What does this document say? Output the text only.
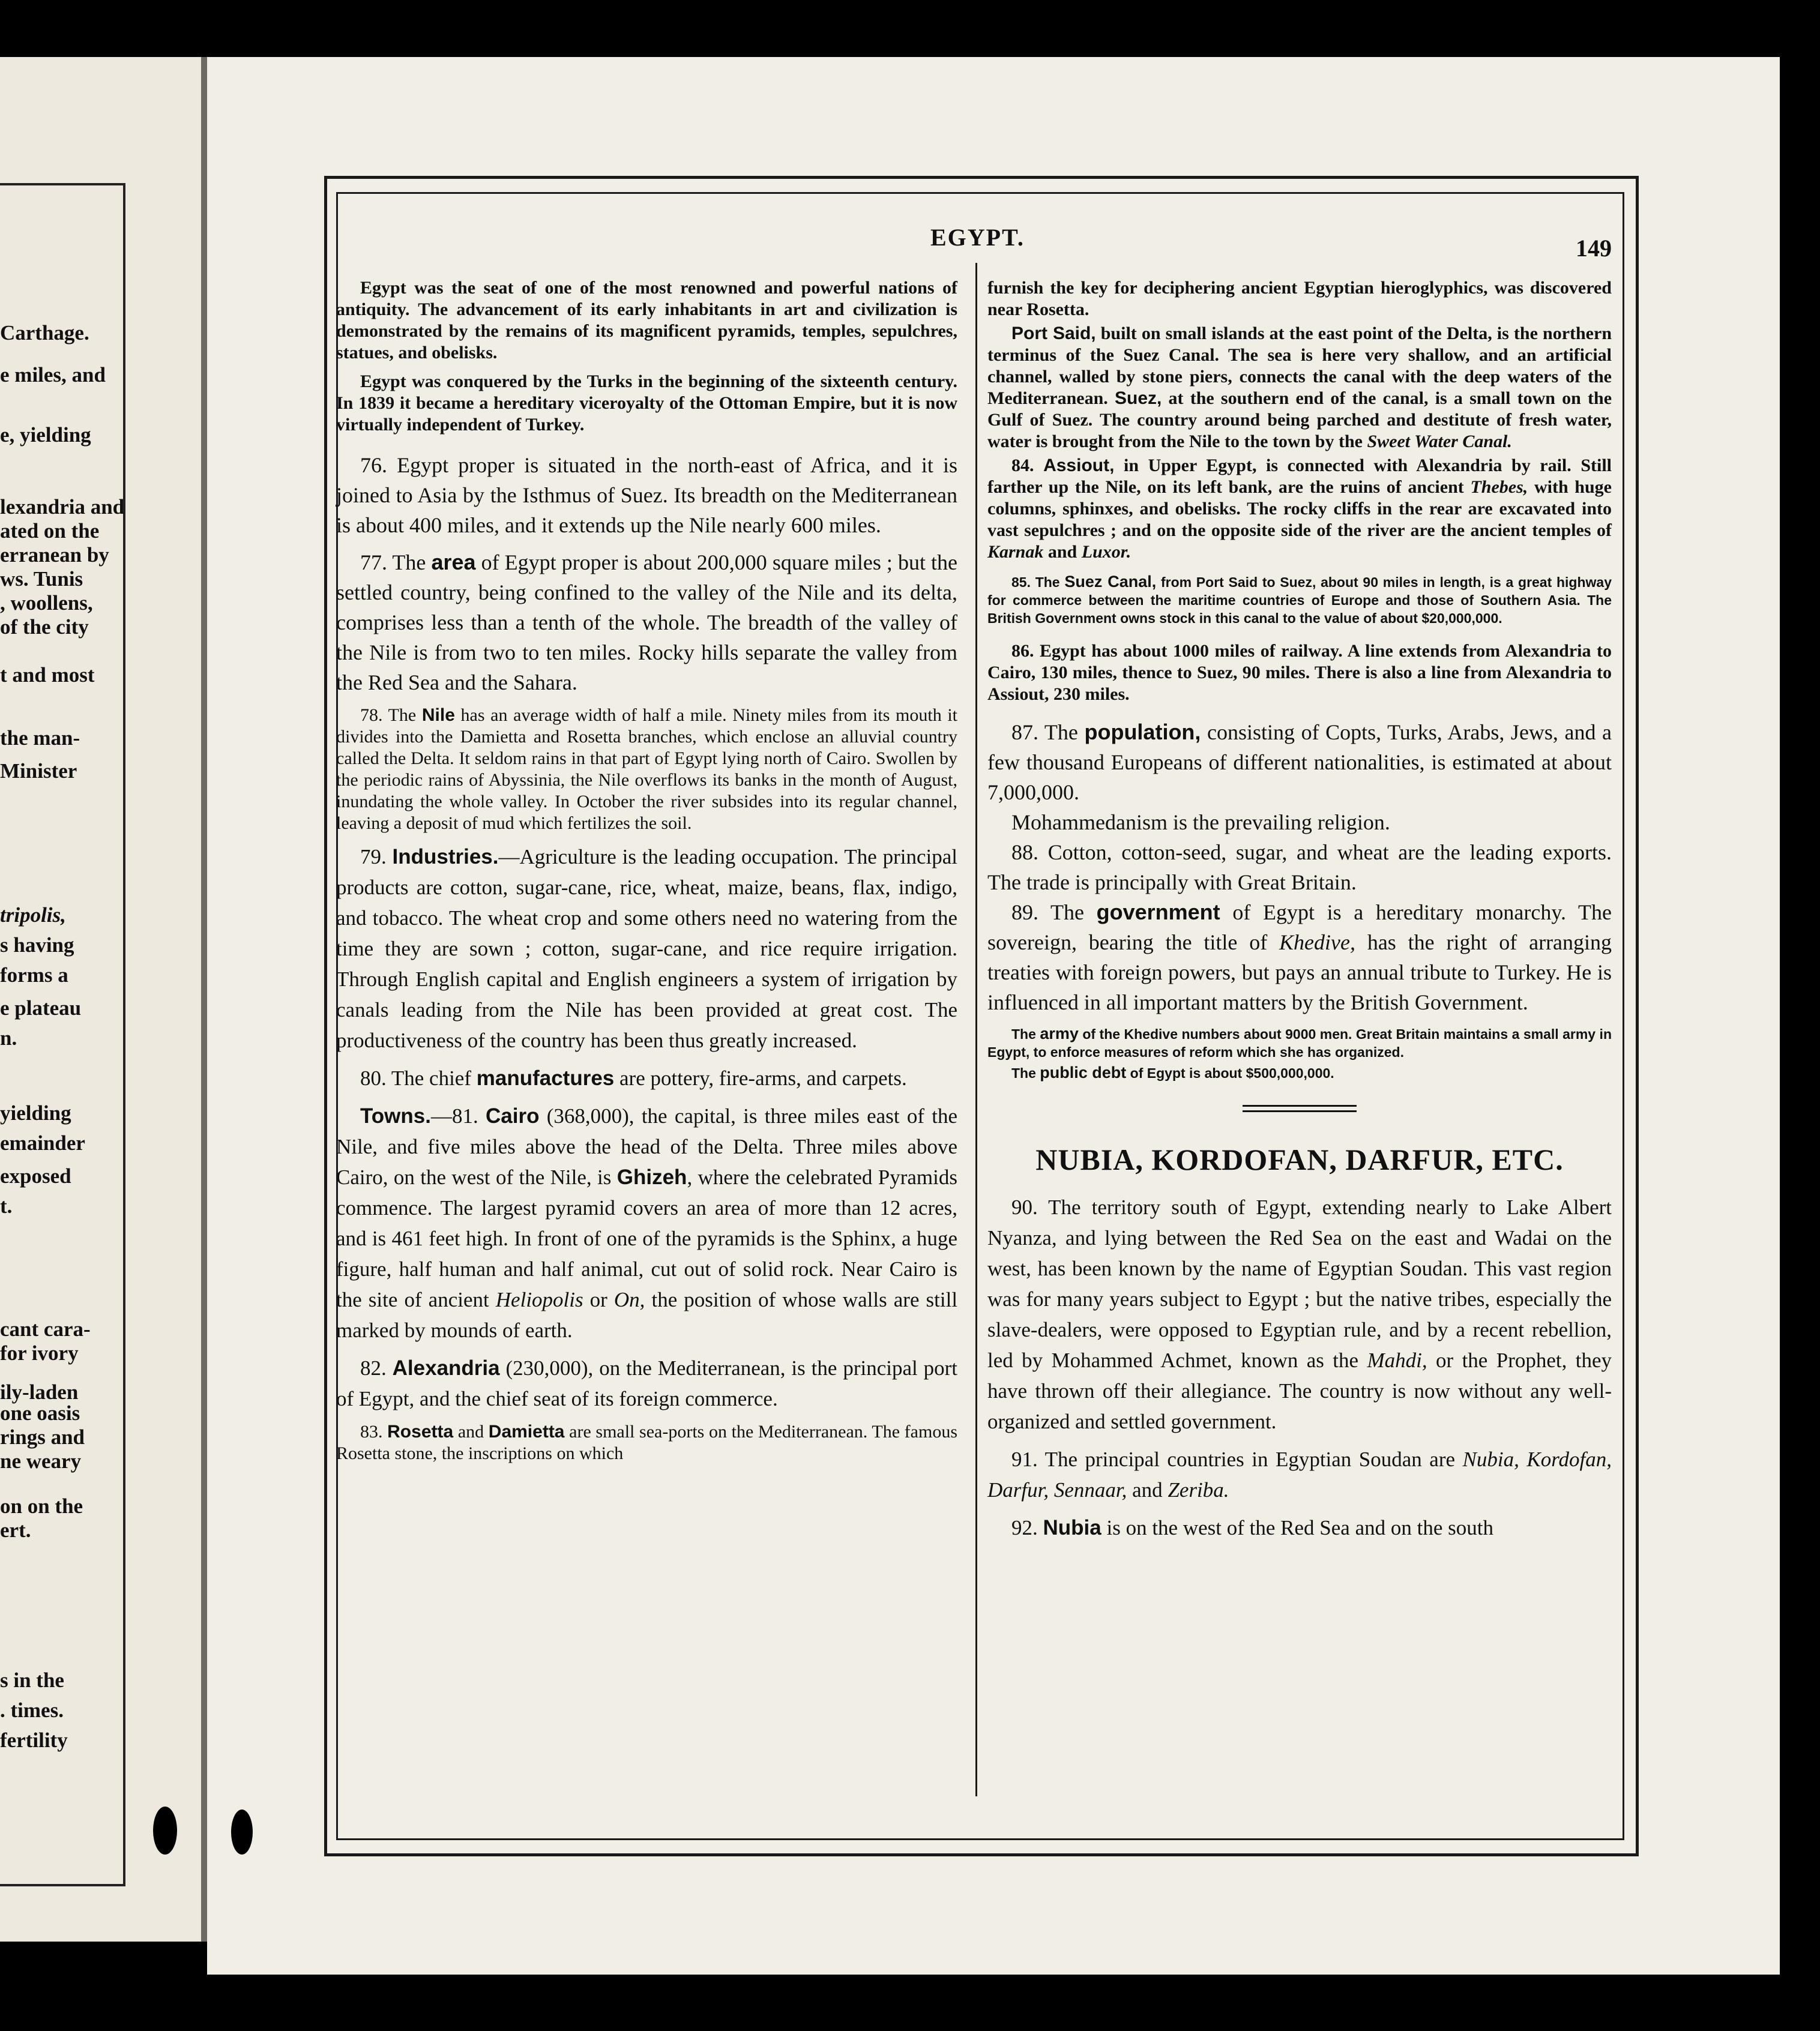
Carthage.
e miles, and
e, yielding
lexandria and
ated on the
erranean by
ws. Tunis
, woollens,
of the city
t and most
the man-
Minister
tripolis,
s having
forms a
e plateau
n.
yielding
emainder
exposed
t.
cant cara-
for ivory
ily-laden
one oasis
rings and
ne weary
on on the
ert.
s in the
. times.
fertility
EGYPT.	149

Egypt was the seat of one of the most renowned and powerful nations of antiquity. The advancement of its early inhabitants in art and civilization is demonstrated by the remains of its magnificent pyramids, temples, sepulchres, statues, and obelisks.

Egypt was conquered by the Turks in the beginning of the sixteenth century. In 1839 it became a hereditary viceroyalty of the Ottoman Empire, but it is now virtually independent of Turkey.

76. Egypt proper is situated in the north-east of Africa, and it is joined to Asia by the Isthmus of Suez. Its breadth on the Mediterranean is about 400 miles, and it extends up the Nile nearly 600 miles.

77. The area of Egypt proper is about 200,000 square miles ; but the settled country, being confined to the valley of the Nile and its delta, comprises less than a tenth of the whole. The breadth of the valley of the Nile is from two to ten miles. Rocky hills separate the valley from the Red Sea and the Sahara.

78. The Nile has an average width of half a mile. Ninety miles from its mouth it divides into the Damietta and Rosetta branches, which enclose an alluvial country called the Delta. It seldom rains in that part of Egypt lying north of Cairo. Swollen by the periodic rains of Abyssinia, the Nile overflows its banks in the month of August, inundating the whole valley. In October the river subsides into its regular channel, leaving a deposit of mud which fertilizes the soil.

79. Industries.—Agriculture is the leading occupation. The principal products are cotton, sugar-cane, rice, wheat, maize, beans, flax, indigo, and tobacco. The wheat crop and some others need no watering from the time they are sown ; cotton, sugar-cane, and rice require irrigation. Through English capital and English engineers a system of irrigation by canals leading from the Nile has been provided at great cost. The productiveness of the country has been thus greatly increased.

80. The chief manufactures are pottery, fire-arms, and carpets.

Towns.—81. Cairo (368,000), the capital, is three miles east of the Nile, and five miles above the head of the Delta. Three miles above Cairo, on the west of the Nile, is Ghizeh, where the celebrated Pyramids commence. The largest pyramid covers an area of more than 12 acres, and is 461 feet high. In front of one of the pyramids is the Sphinx, a huge figure, half human and half animal, cut out of solid rock. Near Cairo is the site of ancient Heliopolis or On, the position of whose walls are still marked by mounds of earth.

82. Alexandria (230,000), on the Mediterranean, is the principal port of Egypt, and the chief seat of its foreign commerce.

83. Rosetta and Damietta are small sea-ports on the Mediterranean. The famous Rosetta stone, the inscriptions on which

furnish the key for deciphering ancient Egyptian hieroglyphics, was discovered near Rosetta.

Port Said, built on small islands at the east point of the Delta, is the northern terminus of the Suez Canal. The sea is here very shallow, and an artificial channel, walled by stone piers, connects the canal with the deep waters of the Mediterranean. Suez, at the southern end of the canal, is a small town on the Gulf of Suez. The country around being parched and destitute of fresh water, water is brought from the Nile to the town by the Sweet Water Canal.

84. Assiout, in Upper Egypt, is connected with Alexandria by rail. Still farther up the Nile, on its left bank, are the ruins of ancient Thebes, with huge columns, sphinxes, and obelisks. The rocky cliffs in the rear are excavated into vast sepulchres ; and on the opposite side of the river are the ancient temples of Karnak and Luxor.

85. The Suez Canal, from Port Said to Suez, about 90 miles in length, is a great highway for commerce between the maritime countries of Europe and those of Southern Asia. The British Government owns stock in this canal to the value of about $20,000,000.

86. Egypt has about 1000 miles of railway. A line extends from Alexandria to Cairo, 130 miles, thence to Suez, 90 miles. There is also a line from Alexandria to Assiout, 230 miles.

87. The population, consisting of Copts, Turks, Arabs, Jews, and a few thousand Europeans of different nationalities, is estimated at about 7,000,000.

Mohammedanism is the prevailing religion.

88. Cotton, cotton-seed, sugar, and wheat are the leading exports. The trade is principally with Great Britain.

89. The government of Egypt is a hereditary monarchy. The sovereign, bearing the title of Khedive, has the right of arranging treaties with foreign powers, but pays an annual tribute to Turkey. He is influenced in all important matters by the British Government.

The army of the Khedive numbers about 9000 men. Great Britain maintains a small army in Egypt, to enforce measures of reform which she has organized.

The public debt of Egypt is about $500,000,000.

NUBIA, KORDOFAN, DARFUR, ETC.

90. The territory south of Egypt, extending nearly to Lake Albert Nyanza, and lying between the Red Sea on the east and Wadai on the west, has been known by the name of Egyptian Soudan. This vast region was for many years subject to Egypt ; but the native tribes, especially the slave-dealers, were opposed to Egyptian rule, and by a recent rebellion, led by Mohammed Achmet, known as the Mahdi, or the Prophet, they have thrown off their allegiance. The country is now without any well-organized and settled government.

91. The principal countries in Egyptian Soudan are Nubia, Kordofan, Darfur, Sennaar, and Zeriba.

92. Nubia is on the west of the Red Sea and on the south
